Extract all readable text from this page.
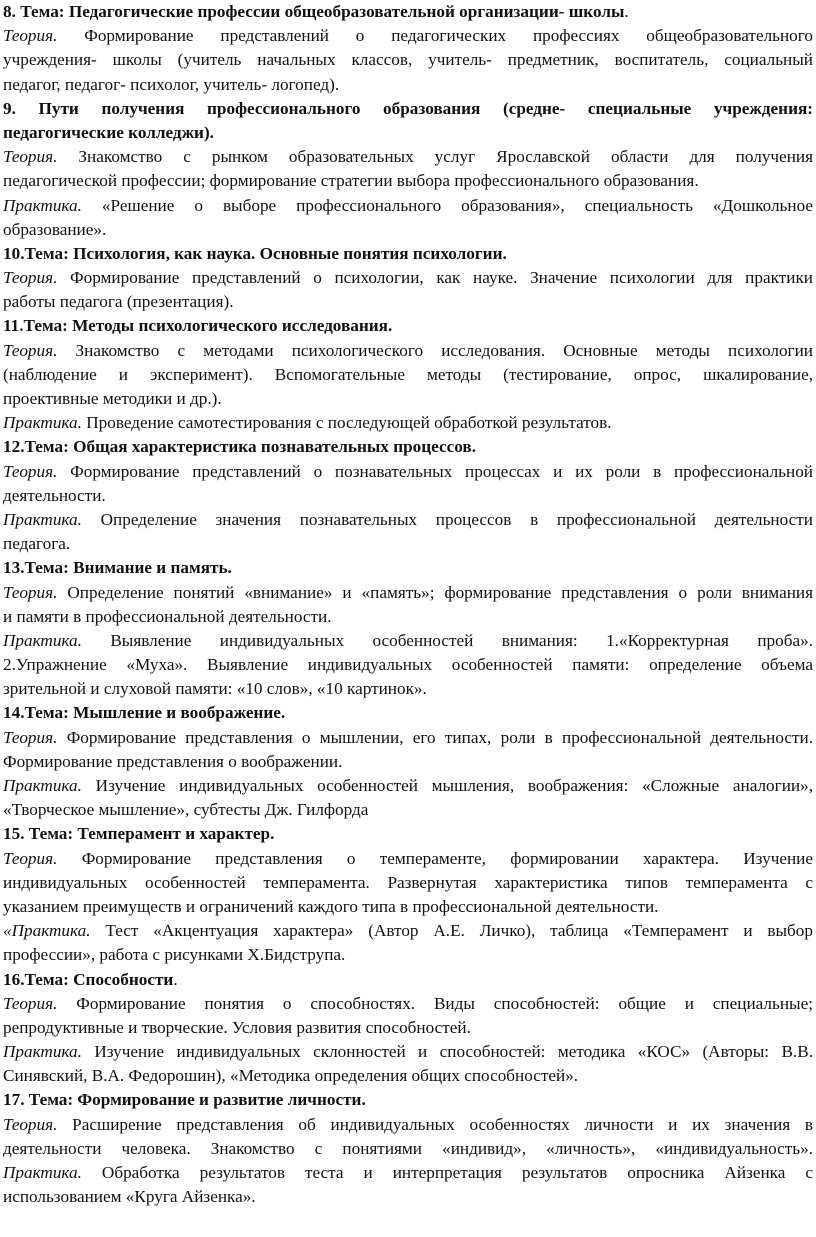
8. Тема: Педагогические профессии общеобразовательной организации- школы.
Теория. Формирование представлений о педагогических профессиях общеобразовательного
учреждения- школы (учитель начальных классов, учитель- предметник, воспитатель, социальный
педагог, педагог- психолог, учитель- логопед).
9. Пути получения профессионального образования (средне- специальные учреждения:
педагогические колледжи).
Теория. Знакомство с рынком образовательных услуг Ярославской области для получения
педагогической профессии; формирование стратегии выбора профессионального образования.
Практика. «Решение о выборе профессионального образования», специальность «Дошкольное
образование».
10.Тема: Психология, как наука. Основные понятия психологии.
Теория. Формирование представлений о психологии, как науке. Значение психологии для практики
работы педагога (презентация).
11.Тема: Методы психологического исследования.
Теория. Знакомство с методами психологического исследования. Основные методы психологии
(наблюдение и эксперимент). Вспомогательные методы (тестирование, опрос, шкалирование,
проективные методики и др.).
Практика. Проведение самотестирования с последующей обработкой результатов.
12.Тема: Общая характеристика познавательных процессов.
Теория. Формирование представлений о познавательных процессах и их роли в профессиональной
деятельности.
Практика. Определение значения познавательных процессов в профессиональной деятельности
педагога.
13.Тема: Внимание и память.
Теория. Определение понятий «внимание» и «память»; формирование представления о роли внимания
и памяти в профессиональной деятельности.
Практика. Выявление индивидуальных особенностей внимания: 1.«Корректурная проба».
2.Упражнение «Муха». Выявление индивидуальных особенностей памяти: определение объема
зрительной и слуховой памяти: «10 слов», «10 картинок».
14.Тема: Мышление и воображение.
Теория. Формирование представления о мышлении, его типах, роли в профессиональной деятельности.
Формирование представления о воображении.
Практика. Изучение индивидуальных особенностей мышления, воображения: «Сложные аналогии»,
«Творческое мышление», субтесты Дж. Гилфорда
15. Тема: Темперамент и характер.
Теория. Формирование представления о темпераменте, формировании характера. Изучение
индивидуальных особенностей темперамента. Развернутая характеристика типов темперамента с
указанием преимуществ и ограничений каждого типа в профессиональной деятельности.
«Практика. Тест «Акцентуация характера» (Автор А.Е. Личко), таблица «Темперамент и выбор
профессии», работа с рисунками Х.Бидструпа.
16.Тема: Способности.
Теория. Формирование понятия о способностях. Виды способностей: общие и специальные;
репродуктивные и творческие. Условия развития способностей.
Практика. Изучение индивидуальных склонностей и способностей: методика «КОС» (Авторы: В.В.
Синявский, В.А. Федорошин), «Методика определения общих способностей».
17. Тема: Формирование и развитие личности.
Теория. Расширение представления об индивидуальных особенностях личности и их значения в
деятельности человека. Знакомство с понятиями «индивид», «личность», «индивидуальность».
Практика. Обработка результатов теста и интерпретация результатов опросника Айзенка с
использованием «Круга Айзенка».
